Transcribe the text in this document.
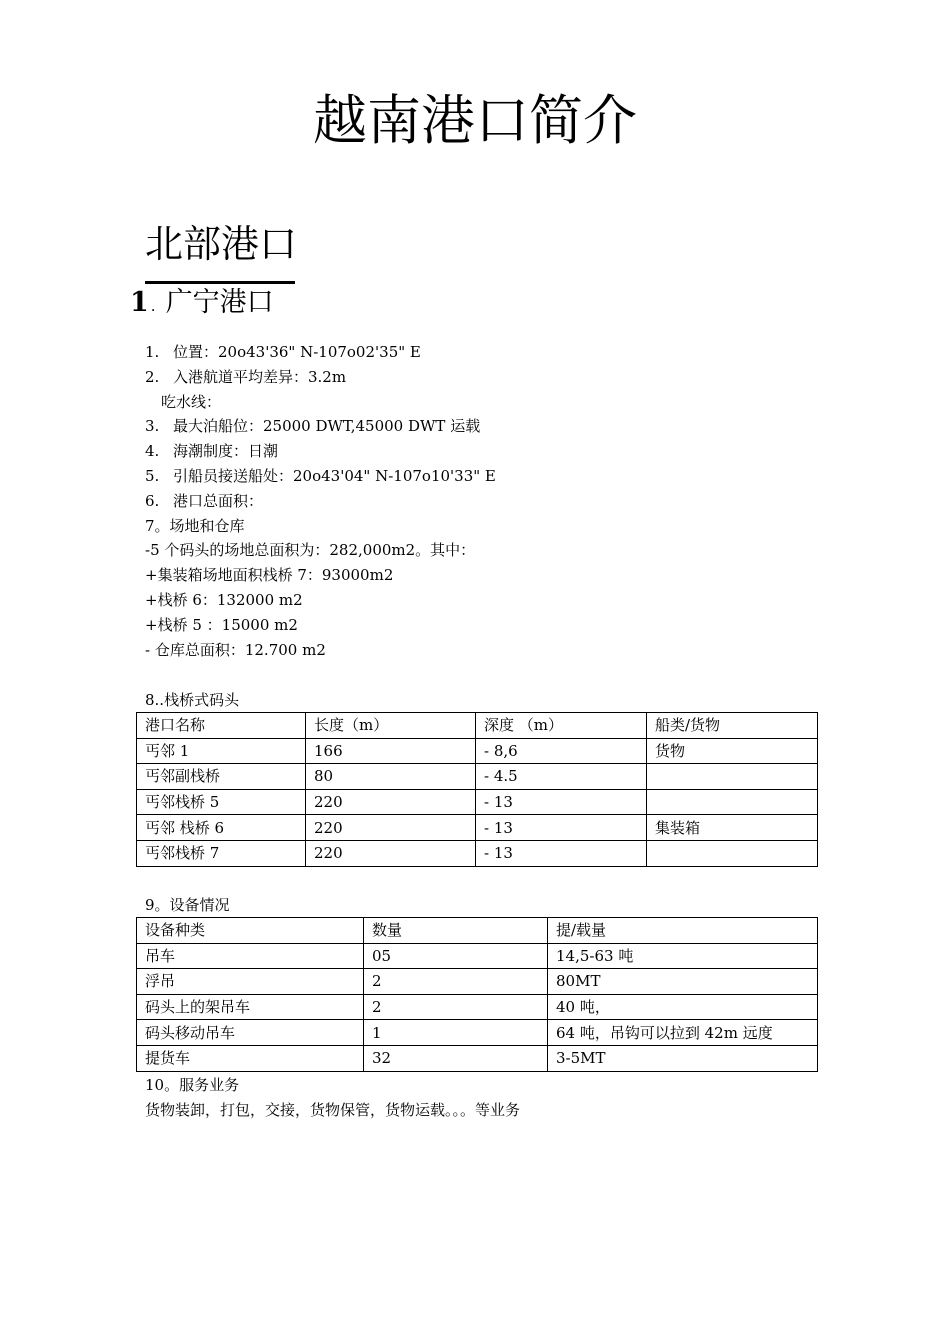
越南港口简介
北部港口
1 . 广宁港口
1. 位置：20o43'36" N-107o02'35" E
2. 入港航道平均差异：3.2m
吃水线：
3. 最大泊船位：25000 DWT,45000 DWT 运载
4. 海潮制度：日潮
5. 引船员接送船处：20o43'04" N-107o10'33" E
6. 港口总面积：
7。场地和仓库
-5 个码头的场地总面积为：282,000m2。其中：
+集装箱场地面积栈桥 7：93000m2
+栈桥 6：132000 m2
+栈桥 5 ：15000 m2
- 仓库总面积：12.700 m2
8..栈桥式码头
港口名称	长度（m）	深度 （m）	船类/货物
丐邻 1	166	- 8,6	货物
丐邻副栈桥	80	- 4.5	
丐邻栈桥 5	220	- 13	
丐邻 栈桥 6	220	- 13	集装箱
丐邻栈桥 7	220	- 13	
9。设备情况
设备种类	数量	提/载量
吊车	05	14,5-63 吨
浮吊	2	80MT
码头上的架吊车	2	40 吨，
码头移动吊车	1	64 吨，吊钩可以拉到 42m 远度
提货车	32	3-5MT
10。服务业务
货物装卸，打包，交接，货物保管，货物运载。。。等业务
